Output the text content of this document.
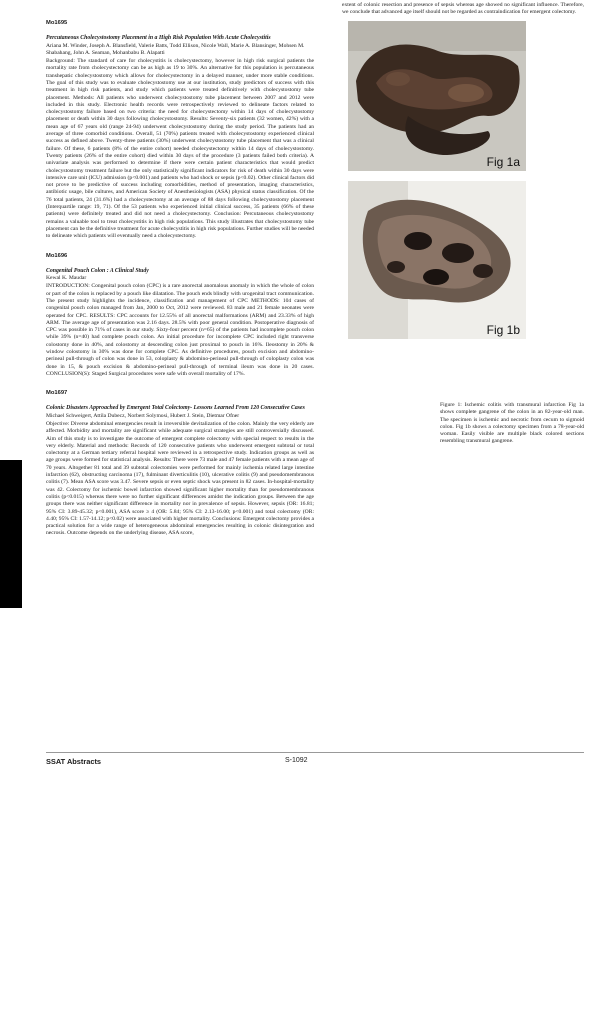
SSAT Abstracts
Mo1695
Percutaneous Cholecystostomy Placement in a High Risk Population With Acute Cholecystitis
Ariana M. Winder, Joseph A. Blansfield, Valerie Batts, Todd Ellison, Nicole Wall, Marie A. Blansinger, Mohsen M. Shabahang, John A. Seaman, Mohanbabu B. Alapatti

Background: The standard of care for cholecystitis is cholecystectomy, however in high risk surgical patients the mortality rate from cholecystectomy can be as high as 19 to 30%. An alternative for this population is percutaneous transhepatic cholecystostomy which allows for cholecystectomy in a delayed manner, under more stable conditions. The goal of this study was to evaluate cholecystostomy use at our institution, study predictors of success with this treatment in high risk patients, and study which patients were treated definitively with cholecystostomy tube placement. Methods: All patients who underwent cholecystostomy tube placement between 2007 and 2012 were included in this study. Electronic health records were retrospectively reviewed to delineate factors related to cholecystostomy failure based on two criteria: the need for cholecystectomy within 14 days of cholecystostomy placement or death within 30 days following cholecystostomy. Results: Seventy-six patients (32 women, 42%) with a mean age of 67 years old (range 24-94) underwent cholecystostomy during the study period. The patients had an average of three comorbid conditions. Overall, 51 (70%) patients treated with cholecystostomy experienced clinical success as defined above. Twenty-three patients (30%) underwent cholecystostomy tube placement that was a clinical failure. Of these, 6 patients (8% of the entire cohort) needed cholecystectomy within 14 days of cholecystostomy. Twenty patients (26% of the entire cohort) died within 30 days of the procedure (3 patients failed both criteria). A univariate analysis was performed to determine if there were certain patient characteristics that would predict cholecystostomy treatment failure but the only statistically significant indicators for risk of death within 30 days were intensive care unit (ICU) admission (p<0.001) and patients who had shock or sepsis (p<0.02). Other clinical factors did not prove to be predictive of success including comorbidities, method of presentation, imaging characteristics, antibiotic usage, bile cultures, and American Society of Anesthesiologists (ASA) physical status classification. Of the 76 total patients, 24 (31.6%) had a cholecystectomy at an average of 88 days following cholecystostomy placement (Interquartile range: 19, 71). Of the 53 patients who experienced initial clinical success, 35 patients (66% of these patients) were definitely treated and did not need a cholecystectomy. Conclusion: Percutaneous cholecystostomy remains a valuable tool to treat cholecystitis in high risk populations. This study illustrates that cholecystostomy tube placement can be the definitive treatment for acute cholecystitis in high risk populations. Further studies will be needed to delineate which patients will eventually need a cholecystectomy.

Mo1696
Congenital Pouch Colon : A Clinical Study
Kewal K. Maudar

INTRODUCTION: Congenital pouch colon (CPC) is a rare anorectal anomalous anomaly in which the whole of colon or part of the colon is replaced by a pouch like dilatation. The pouch ends blindly with urogenital tract communication. The present study highlights the incidence, classification and management of CPC METHODS: 104 cases of congenital pouch colon managed from Jan, 2000 to Oct, 2012 were reviewed. 83 male and 21 female neonates were operated for CPC. RESULTS: CPC accounts for 12.55% of all anorectal malformations (ARM) and 23.33% of high ARM. The average age of presentation was 2.16 days. 28.5% with poor general condition. Postoperative diagnosis of CPC was possible in 71% of cases in our study. Sixty-four percent (n=65) of the patients had incomplete pouch colon while 39% (n=40) had complete pouch colon. An initial procedure for incomplete CPC included right transverse colostomy done in 40%, and colostomy at descending colon just proximal to pouch in 16%. Ileostomy in 20% & window colostomy in 30% was done for complete CPC. As definitive procedures, pouch excision and abdomino-perineal pull-through of colon was done in 53, coloplasty & abdomino-perineal pull-through of coloplasty colon was done in 15, & pouch excision & abdomino-perineal pull-through of terminal ileum was done in 20 cases. CONCLUSION(S): Staged Surgical procedures were safe with overall mortality of 17%.

Mo1697
Colonic Disasters Approached by Emergent Total Colectomy- Lessons Learned From 120 Consecutive Cases
Michael Schweigert, Attila Dubecz, Norbert Solymosi, Hubert J. Stein, Dietmar Ofner

Objective: Diverse abdominal emergencies result in irreversible devitalization of the colon. Mainly the very elderly are affected. Morbidity and mortality are significant while adequate surgical strategies are still controversially discussed. Aim of this study is to investigate the outcome of emergent complete colectomy with special respect to results in the very elderly. Material and methods: Records of 120 consecutive patients who underwent emergent subtotal or total colectomy at a German tertiary referral hospital were reviewed in a retrospective study. Indication groups as well as age groups were formed for statistical analysis. Results: There were 73 male and 47 female patients with a mean age of 70 years. Altogether 81 total and 39 subtotal colectomies were performed for mainly ischemia related large intestine infarction (62), obstructing carcinoma (17), fulminant diverticulitis (10), ulcerative colitis (9) and pseudomembranous colitis (7). Mean ASA score was 3.47. Severe sepsis or even septic shock was present in 82 cases. In-hospital-mortality was 42. Colectomy for ischemic bowel infarction showed significant higher mortality than for pseudomembranous colitis (p<0.015) whereas there were no further significant differences amidst the indication groups. Between the age groups there was neither significant difference in mortality nor in prevalence of sepsis. However, sepsis (OR: 16.81; 95% CI: 3.89-45.32; p<0.001), ASA score ≥ 4 (OR: 5.84; 95% CI: 2.13-16.00; p<0.001) and total colectomy (OR: 4.40; 95% CI: 1.57-14.12; p<0.02) were associated with higher mortality. Conclusions: Emergent colectomy provides a practical solution for a wide range of heterogeneous abdominal emergencies resulting in colonic disintegration and necrosis. Outcome depends on the underlying disease, ASA score,

extent of colonic resection and presence of sepsis whereas age showed no significant influence. Therefore, we conclude that advanced age itself should not be regarded as contraindication for emergent colectomy.
Fig 1a
Fig 1b
Figure 1: Ischemic colitis with transmural infarction Fig 1a shows complete gangrene of the colon in an 82-year-old man. The specimen is ischemic and necrotic from cecum to sigmoid colon. Fig 1b shows a colectomy specimen from a 78-year-old woman. Easily visible are multiple black colored sections resembling transmural gangrene.
SSAT Abstracts	S-1092
